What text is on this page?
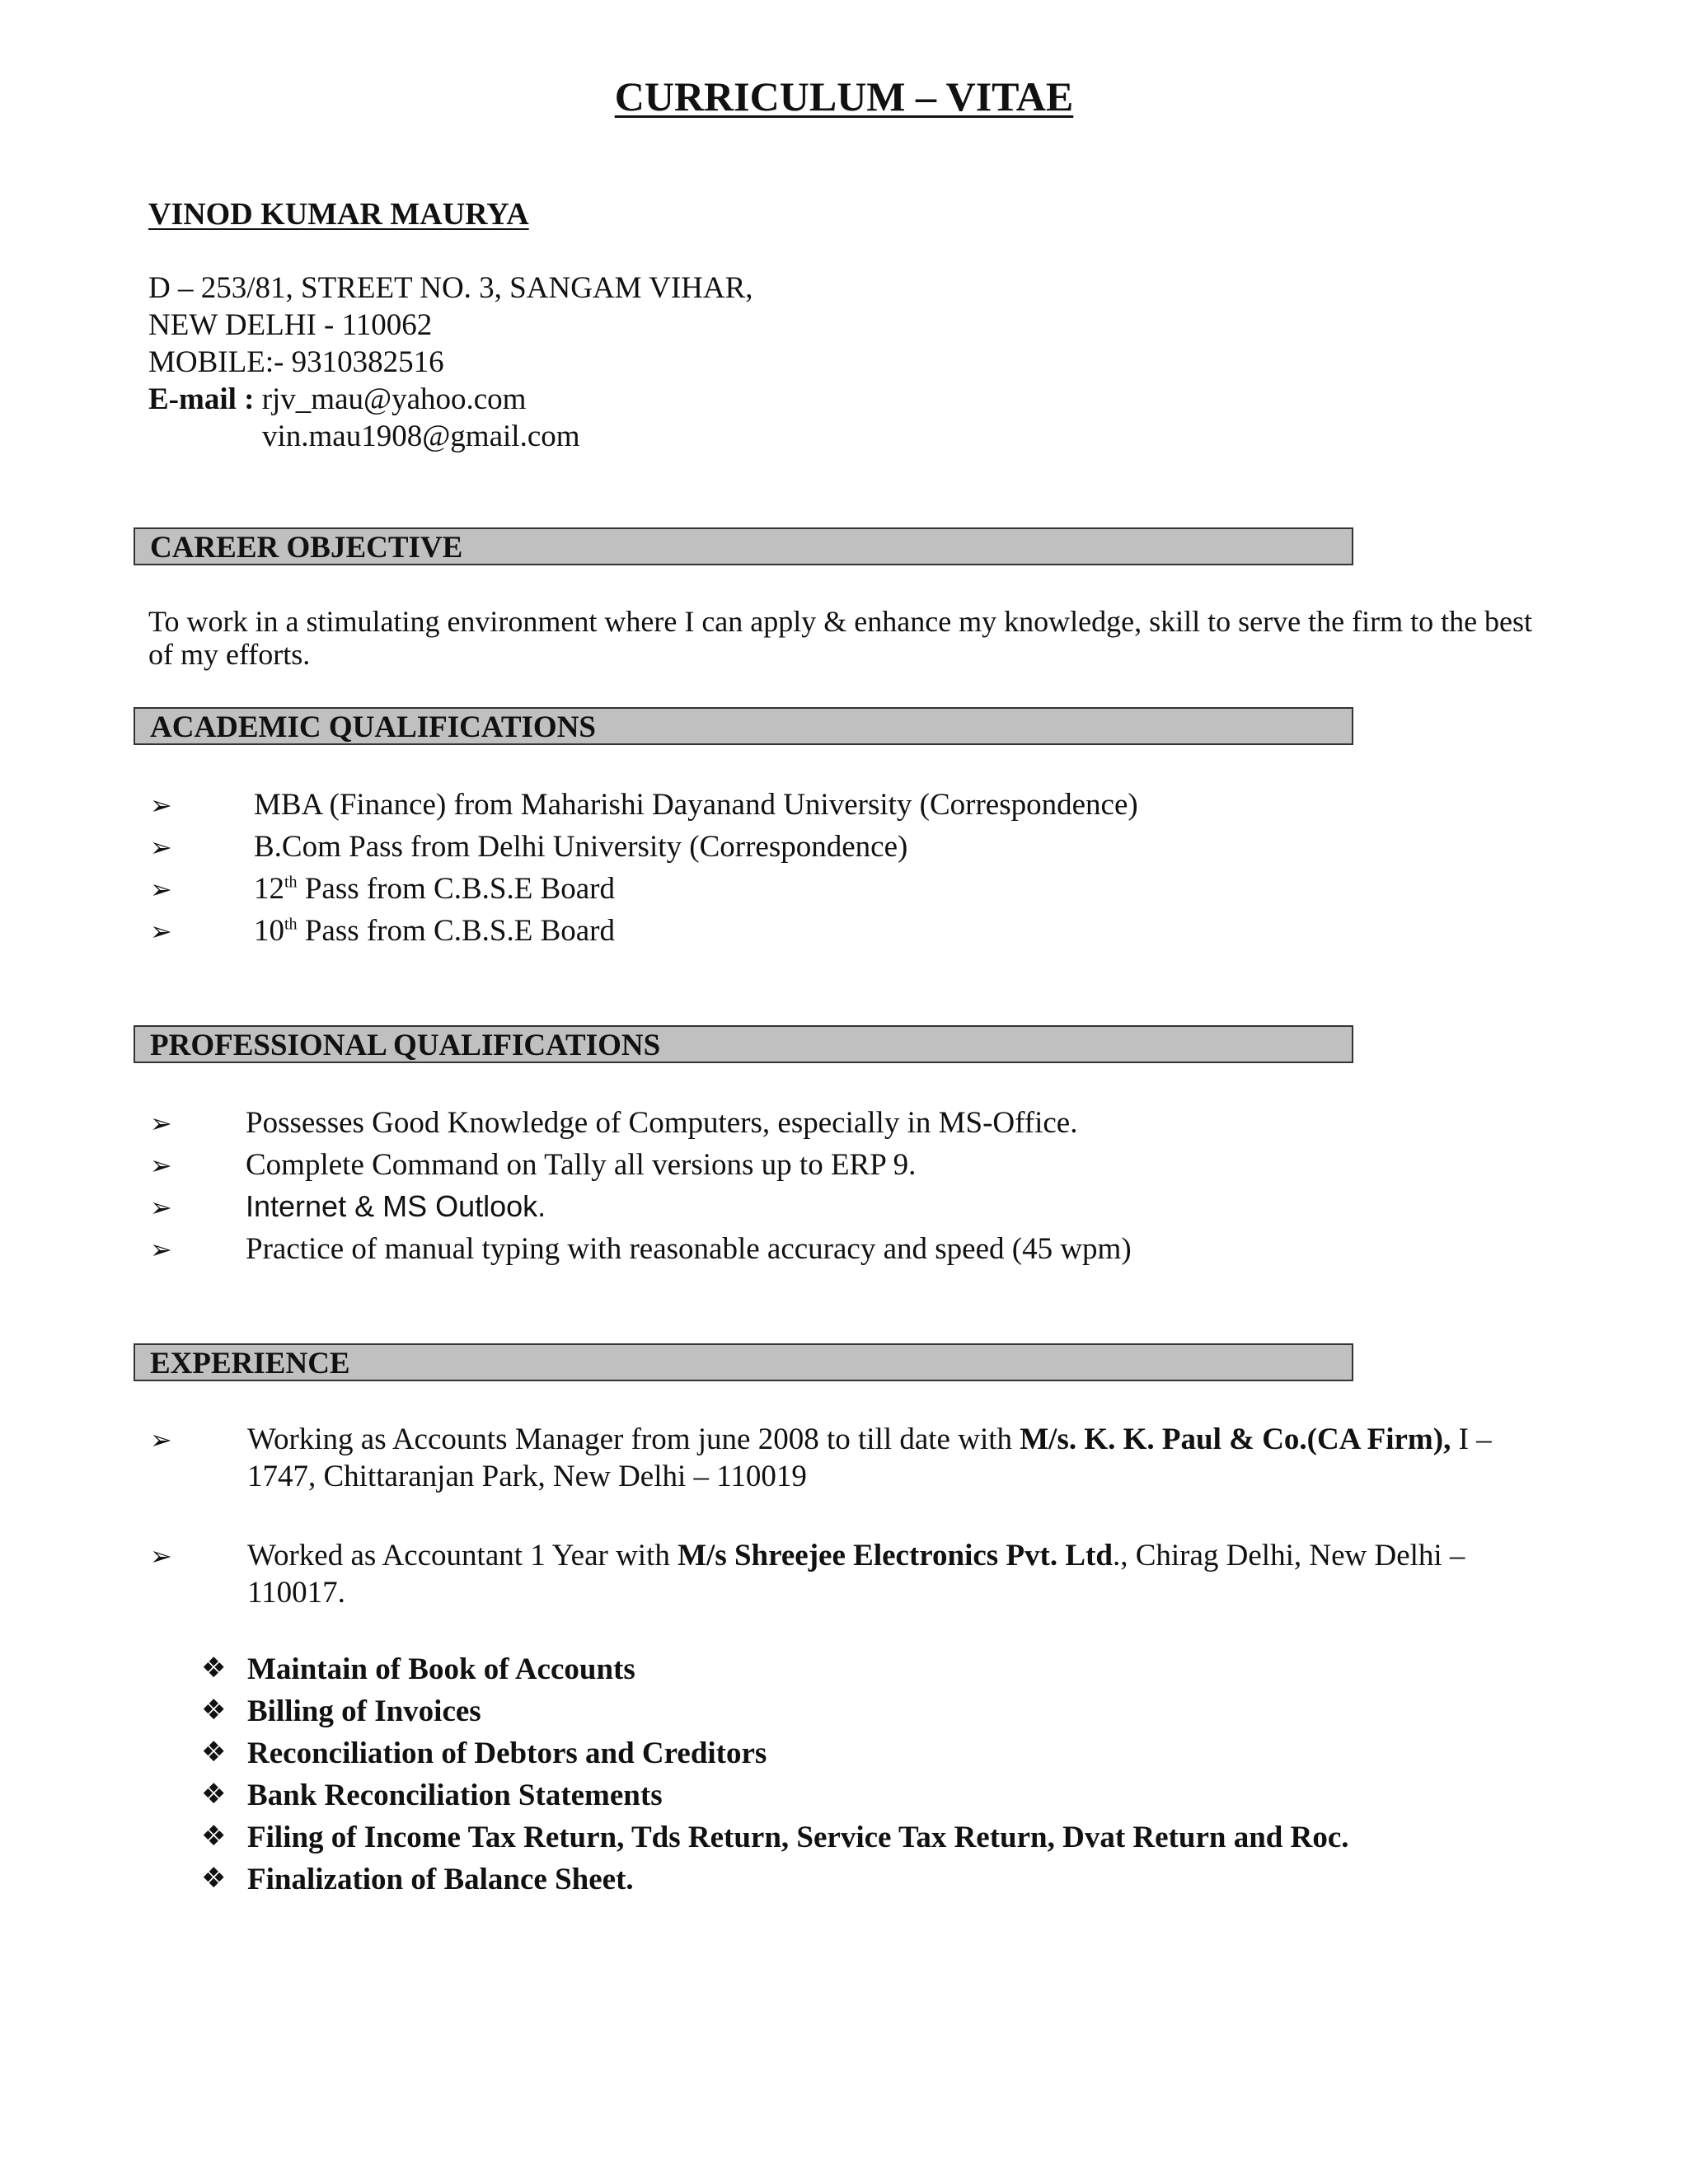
CURRICULUM – VITAE
VINOD KUMAR MAURYA
D – 253/81, STREET NO. 3, SANGAM VIHAR,
NEW DELHI - 110062
MOBILE:- 9310382516
E-mail : rjv_mau@yahoo.com
vin.mau1908@gmail.com
CAREER OBJECTIVE
To work in a stimulating environment where I can apply & enhance my knowledge, skill to serve the firm to the best of my efforts.
ACADEMIC QUALIFICATIONS
➢	MBA (Finance) from Maharishi Dayanand University (Correspondence)
➢	B.Com Pass from Delhi University (Correspondence)
➢	12th Pass from C.B.S.E Board
➢	10th Pass from C.B.S.E Board
PROFESSIONAL QUALIFICATIONS
➢ Possesses Good Knowledge of Computers, especially in MS-Office.
➢ Complete Command on Tally all versions up to ERP 9.
➢ Internet & MS Outlook.
➢ Practice of manual typing with reasonable accuracy and speed (45 wpm)
EXPERIENCE
➢ Working as Accounts Manager from june 2008 to till date with M/s. K. K. Paul & Co.(CA Firm), I – 1747, Chittaranjan Park, New Delhi – 110019
➢ Worked as Accountant 1 Year with M/s Shreejee Electronics Pvt. Ltd., Chirag Delhi, New Delhi – 110017.
❖ Maintain of Book of Accounts
❖ Billing of Invoices
❖ Reconciliation of Debtors and Creditors
❖ Bank Reconciliation Statements
❖ Filing of Income Tax Return, Tds Return, Service Tax Return, Dvat Return and Roc.
❖ Finalization of Balance Sheet.
